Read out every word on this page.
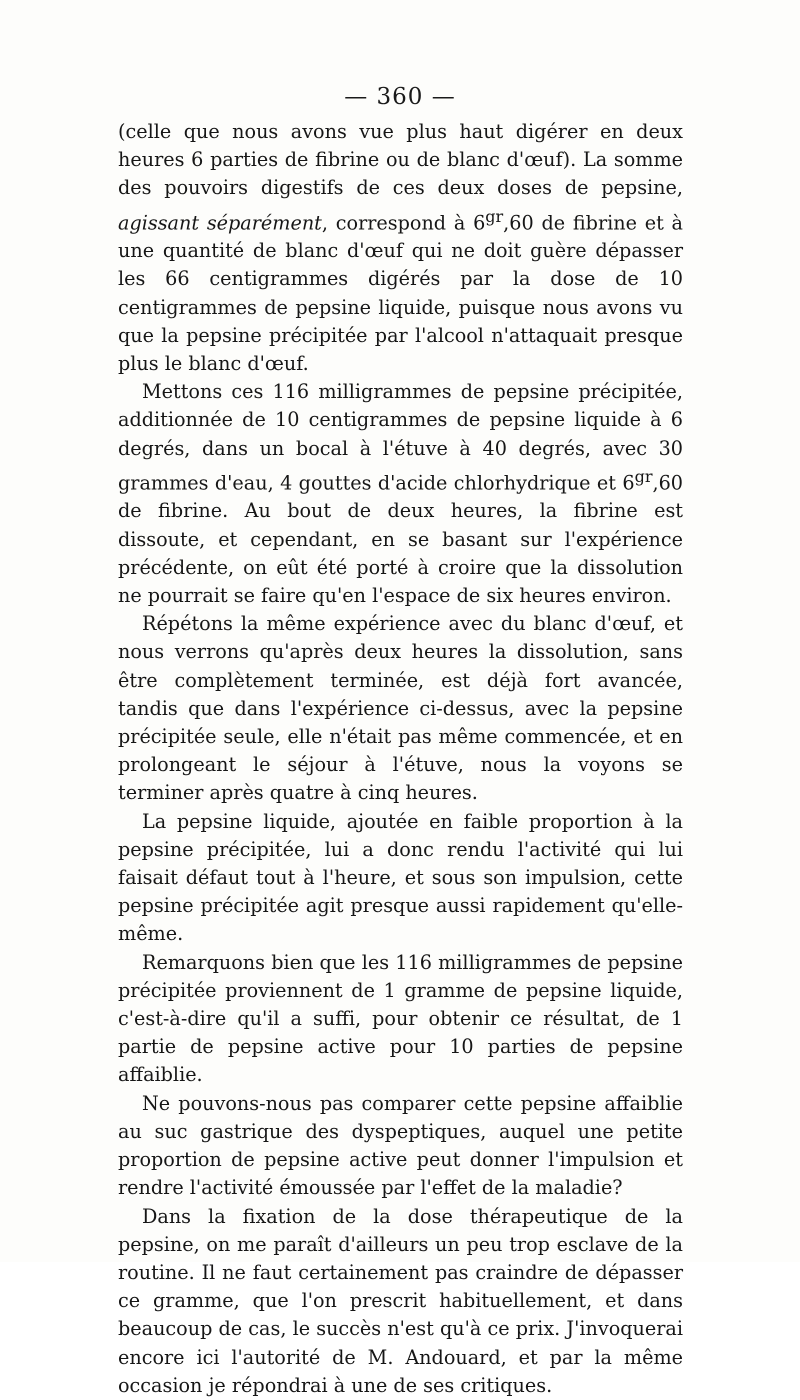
— 360 —

(celle que nous avons vue plus haut digérer en deux heures 6 parties de fibrine ou de blanc d'œuf). La somme des pouvoirs digestifs de ces deux doses de pepsine, agissant séparément, correspond à $6^{gr},60$ de fibrine et à une quantité de blanc d'œuf qui ne doit guère dépasser les 66 centigrammes digérés par la dose de 10 centigrammes de pepsine liquide, puisque nous avons vu que la pepsine précipitée par l'alcool n'attaquait presque plus le blanc d'œuf.

Mettons ces 116 milligrammes de pepsine précipitée, additionnée de 10 centigrammes de pepsine liquide à 6 degrés, dans un bocal à l'étuve à 40 degrés, avec 30 grammes d'eau, 4 gouttes d'acide chlorhydrique et $6^{gr},60$ de fibrine. Au bout de deux heures, la fibrine est dissoute, et cependant, en se basant sur l'expérience précédente, on eût été porté à croire que la dissolution ne pourrait se faire qu'en l'espace de six heures environ.

Répétons la même expérience avec du blanc d'œuf, et nous verrons qu'après deux heures la dissolution, sans être complètement terminée, est déjà fort avancée, tandis que dans l'expérience ci-dessus, avec la pepsine précipitée seule, elle n'était pas même commencée, et en prolongeant le séjour à l'étuve, nous la voyons se terminer après quatre à cinq heures.

La pepsine liquide, ajoutée en faible proportion à la pepsine précipitée, lui a donc rendu l'activité qui lui faisait défaut tout à l'heure, et sous son impulsion, cette pepsine précipitée agit presque aussi rapidement qu'elle-même.

Remarquons bien que les 116 milligrammes de pepsine précipitée proviennent de 1 gramme de pepsine liquide, c'est-à-dire qu'il a suffi, pour obtenir ce résultat, de 1 partie de pepsine active pour 10 parties de pepsine affaiblie.

Ne pouvons-nous pas comparer cette pepsine affaiblie au suc gastrique des dyspeptiques, auquel une petite proportion de pepsine active peut donner l'impulsion et rendre l'activité émoussée par l'effet de la maladie?

Dans la fixation de la dose thérapeutique de la pepsine, on me paraît d'ailleurs un peu trop esclave de la routine. Il ne faut certainement pas craindre de dépasser ce gramme, que l'on prescrit habituellement, et dans beaucoup de cas, le succès n'est qu'à ce prix. J'invoquerai encore ici l'autorité de M. Andouard, et par la même occasion je répondrai à une de ses critiques.
